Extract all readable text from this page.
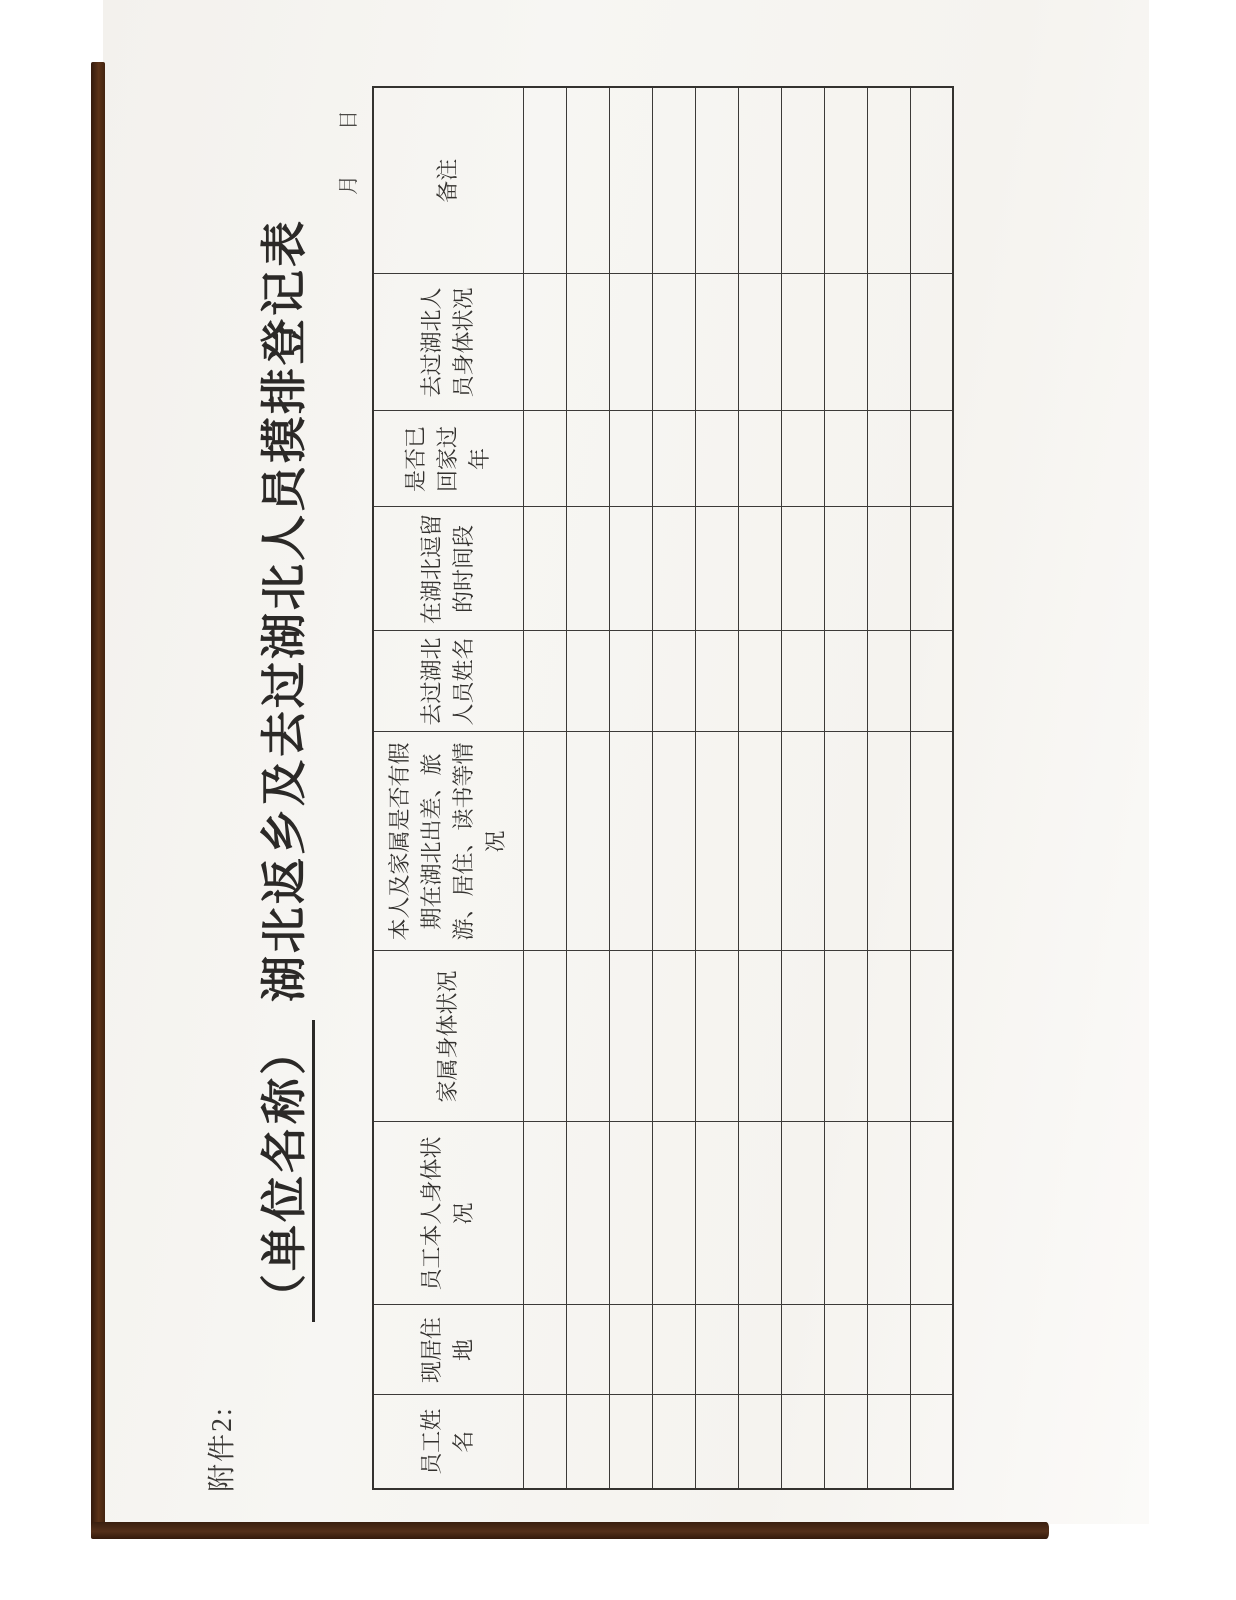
附件2:
（单位名称）湖北返乡及去过湖北人员摸排登记表
月 日
员工姓名	现居住地	员工本人身体状况	家属身体状况	本人及家属是否有假期在湖北出差、旅游、居住、读书等情况	去过湖北人员姓名	在湖北逗留的时间段	是否已回家过年	去过湖北人员身体状况	备注
